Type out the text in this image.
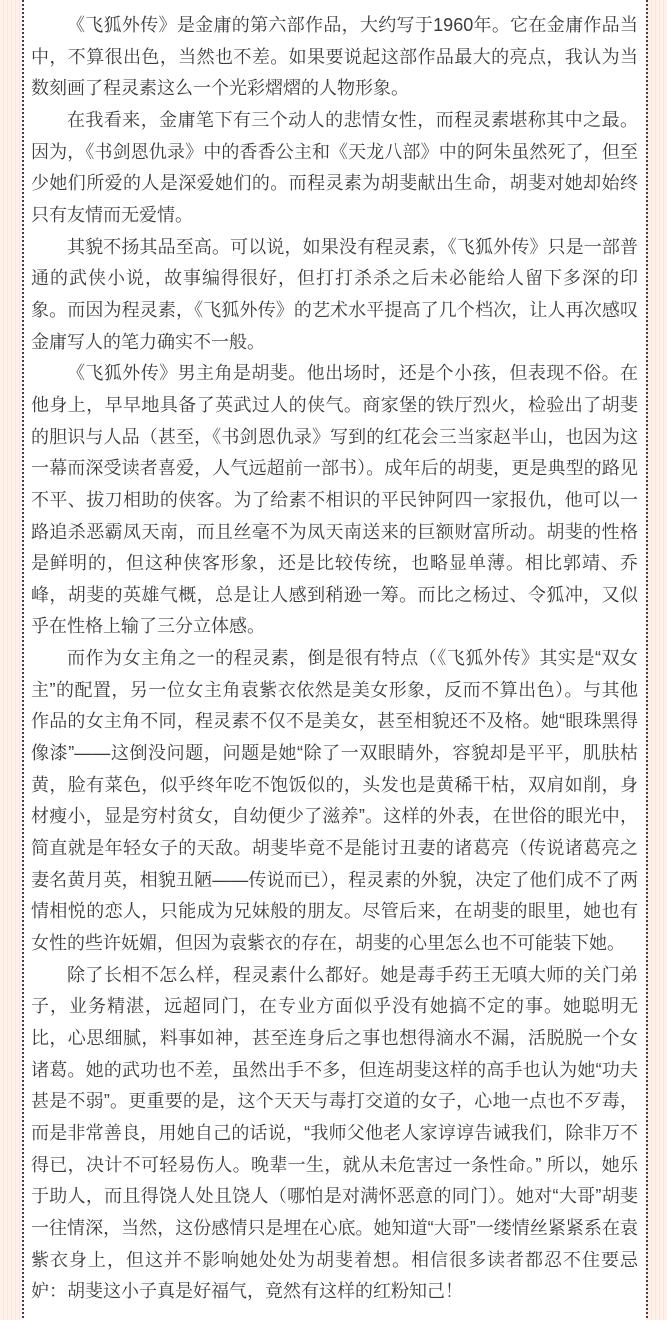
《飞狐外传》是金庸的第六部作品，大约写于1960年。它在金庸作品当中，不算很出色，当然也不差。如果要说起这部作品最大的亮点，我认为当数刻画了程灵素这么一个光彩熠熠的人物形象。

在我看来，金庸笔下有三个动人的悲情女性，而程灵素堪称其中之最。因为，《书剑恩仇录》中的香香公主和《天龙八部》中的阿朱虽然死了，但至少她们所爱的人是深爱她们的。而程灵素为胡斐献出生命，胡斐对她却始终只有友情而无爱情。

其貌不扬其品至高。可以说，如果没有程灵素，《飞狐外传》只是一部普通的武侠小说，故事编得很好，但打打杀杀之后未必能给人留下多深的印象。而因为程灵素，《飞狐外传》的艺术水平提高了几个档次，让人再次感叹金庸写人的笔力确实不一般。

《飞狐外传》男主角是胡斐。他出场时，还是个小孩，但表现不俗。在他身上，早早地具备了英武过人的侠气。商家堡的铁厅烈火，检验出了胡斐的胆识与人品（甚至，《书剑恩仇录》写到的红花会三当家赵半山，也因为这一幕而深受读者喜爱，人气远超前一部书）。成年后的胡斐，更是典型的路见不平、拔刀相助的侠客。为了给素不相识的平民钟阿四一家报仇，他可以一路追杀恶霸凤天南，而且丝毫不为凤天南送来的巨额财富所动。胡斐的性格是鲜明的，但这种侠客形象，还是比较传统，也略显单薄。相比郭靖、乔峰，胡斐的英雄气概，总是让人感到稍逊一筹。而比之杨过、令狐冲，又似乎在性格上输了三分立体感。

而作为女主角之一的程灵素，倒是很有特点（《飞狐外传》其实是“双女主”的配置，另一位女主角袁紫衣依然是美女形象，反而不算出色）。与其他作品的女主角不同，程灵素不仅不是美女，甚至相貌还不及格。她“眼珠黑得像漆”——这倒没问题，问题是她“除了一双眼睛外，容貌却是平平，肌肤枯黄，脸有菜色，似乎终年吃不饱饭似的，头发也是黄稀干枯，双肩如削，身材瘦小，显是穷村贫女，自幼便少了滋养”。这样的外表，在世俗的眼光中，简直就是年轻女子的天敌。胡斐毕竟不是能讨丑妻的诸葛亮（传说诸葛亮之妻名黄月英，相貌丑陋——传说而已），程灵素的外貌，决定了他们成不了两情相悦的恋人，只能成为兄妹般的朋友。尽管后来，在胡斐的眼里，她也有女性的些许妩媚，但因为袁紫衣的存在，胡斐的心里怎么也不可能装下她。

除了长相不怎么样，程灵素什么都好。她是毒手药王无嗔大师的关门弟子，业务精湛，远超同门，在专业方面似乎没有她搞不定的事。她聪明无比，心思细腻，料事如神，甚至连身后之事也想得滴水不漏，活脱脱一个女诸葛。她的武功也不差，虽然出手不多，但连胡斐这样的高手也认为她“功夫甚是不弱”。更重要的是，这个天天与毒打交道的女子，心地一点也不歹毒，而是非常善良，用她自己的话说，“我师父他老人家谆谆告诫我们，除非万不得已，决计不可轻易伤人。晚辈一生，就从未危害过一条性命。” 所以，她乐于助人，而且得饶人处且饶人（哪怕是对满怀恶意的同门）。她对“大哥”胡斐一往情深，当然，这份感情只是埋在心底。她知道“大哥”一缕情丝紧紧系在袁紫衣身上，但这并不影响她处处为胡斐着想。相信很多读者都忍不住要忌妒：胡斐这小子真是好福气，竟然有这样的红粉知己！
